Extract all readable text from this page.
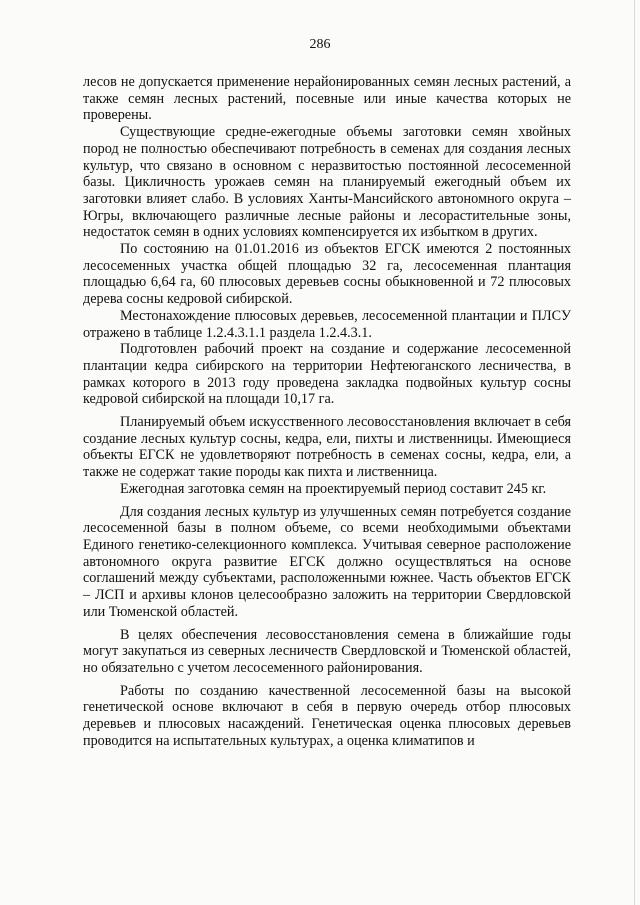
286

лесов не допускается применение нерайонированных семян лесных растений, а также семян лесных растений, посевные или иные качества которых не проверены.

Существующие средне-ежегодные объемы заготовки семян хвойных пород не полностью обеспечивают потребность в семенах для создания лесных культур, что связано в основном с неразвитостью постоянной лесосеменной базы. Цикличность урожаев семян на планируемый ежегодный объем их заготовки влияет слабо. В условиях Ханты-Мансийского автономного округа – Югры, включающего различные лесные районы и лесорастительные зоны, недостаток семян в одних условиях компенсируется их избытком в других.

По состоянию на 01.01.2016 из объектов ЕГСК имеются 2 постоянных лесосеменных участка общей площадью 32 га, лесосеменная плантация площадью 6,64 га, 60 плюсовых деревьев сосны обыкновенной и 72 плюсовых дерева сосны кедровой сибирской.

Местонахождение плюсовых деревьев, лесосеменной плантации и ПЛСУ отражено в таблице 1.2.4.3.1.1 раздела 1.2.4.3.1.

Подготовлен рабочий проект на создание и содержание лесосеменной плантации кедра сибирского на территории Нефтеюганского лесничества, в рамках которого в 2013 году проведена закладка подвойных культур сосны кедровой сибирской на площади 10,17 га.

Планируемый объем искусственного лесовосстановления включает в себя создание лесных культур сосны, кедра, ели, пихты и лиственницы. Имеющиеся объекты ЕГСК не удовлетворяют потребность в семенах сосны, кедра, ели, а также не содержат такие породы как пихта и лиственница.

Ежегодная заготовка семян на проектируемый период составит 245 кг.

Для создания лесных культур из улучшенных семян потребуется создание лесосеменной базы в полном объеме, со всеми необходимыми объектами Единого генетико-селекционного комплекса. Учитывая северное расположение автономного округа развитие ЕГСК должно осуществляться на основе соглашений между субъектами, расположенными южнее. Часть объектов ЕГСК – ЛСП и архивы клонов целесообразно заложить на территории Свердловской или Тюменской областей.

В целях обеспечения лесовосстановления семена в ближайшие годы могут закупаться из северных лесничеств Свердловской и Тюменской областей, но обязательно с учетом лесосеменного районирования.

Работы по созданию качественной лесосеменной базы на высокой генетической основе включают в себя в первую очередь отбор плюсовых деревьев и плюсовых насаждений. Генетическая оценка плюсовых деревьев проводится на испытательных культурах, а оценка климатипов и
